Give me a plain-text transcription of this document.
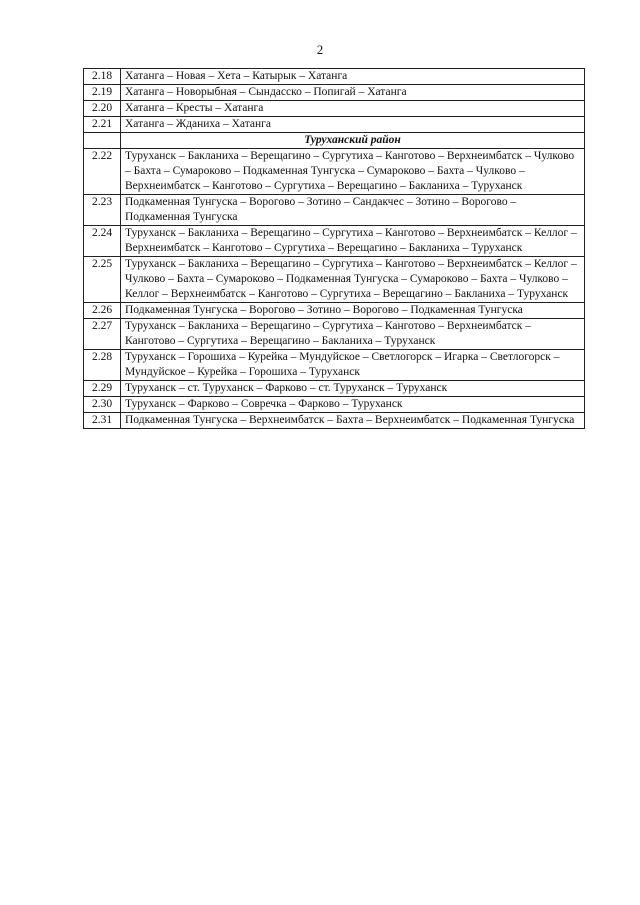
2
2.18	Хатанга – Новая – Хета – Катырык – Хатанга
2.19	Хатанга – Новорыбная – Сындасско – Попигай – Хатанга
2.20	Хатанга – Кресты – Хатанга
2.21	Хатанга – Жданиха – Хатанга
	Туруханский район
2.22	Туруханск – Бакланиха – Верещагино – Сургутиха – Канготово – Верхнеимбатск – Чулково – Бахта – Сумароково – Подкаменная Тунгуска – Сумароково – Бахта – Чулково – Верхнеимбатск – Канготово – Сургутиха – Верещагино – Бакланиха – Туруханск
2.23	Подкаменная Тунгуска – Ворогово – Зотино – Сандакчес – Зотино – Ворогово – Подкаменная Тунгуска
2.24	Туруханск – Бакланиха – Верещагино – Сургутиха – Канготово – Верхнеимбатск – Келлог – Верхнеимбатск – Канготово – Сургутиха – Верещагино – Бакланиха – Туруханск
2.25	Туруханск – Бакланиха – Верещагино – Сургутиха – Канготово – Верхнеимбатск – Келлог – Чулково – Бахта – Сумароково – Подкаменная Тунгуска – Сумароково – Бахта – Чулково – Келлог – Верхнеимбатск – Канготово – Сургутиха – Верещагино – Бакланиха – Туруханск
2.26	Подкаменная Тунгуска – Ворогово – Зотино – Ворогово – Подкаменная Тунгуска
2.27	Туруханск – Бакланиха – Верещагино – Сургутиха – Канготово – Верхнеимбатск – Канготово – Сургутиха – Верещагино – Бакланиха – Туруханск
2.28	Туруханск – Горошиха – Курейка – Мундуйское – Светлогорск – Игарка – Светлогорск – Мундуйское – Курейка – Горошиха – Туруханск
2.29	Туруханск – ст. Туруханск – Фарково – ст. Туруханск – Туруханск
2.30	Туруханск – Фарково – Совречка – Фарково – Туруханск
2.31	Подкаменная Тунгуска – Верхнеимбатск – Бахта – Верхнеимбатск – Подкаменная Тунгуска
